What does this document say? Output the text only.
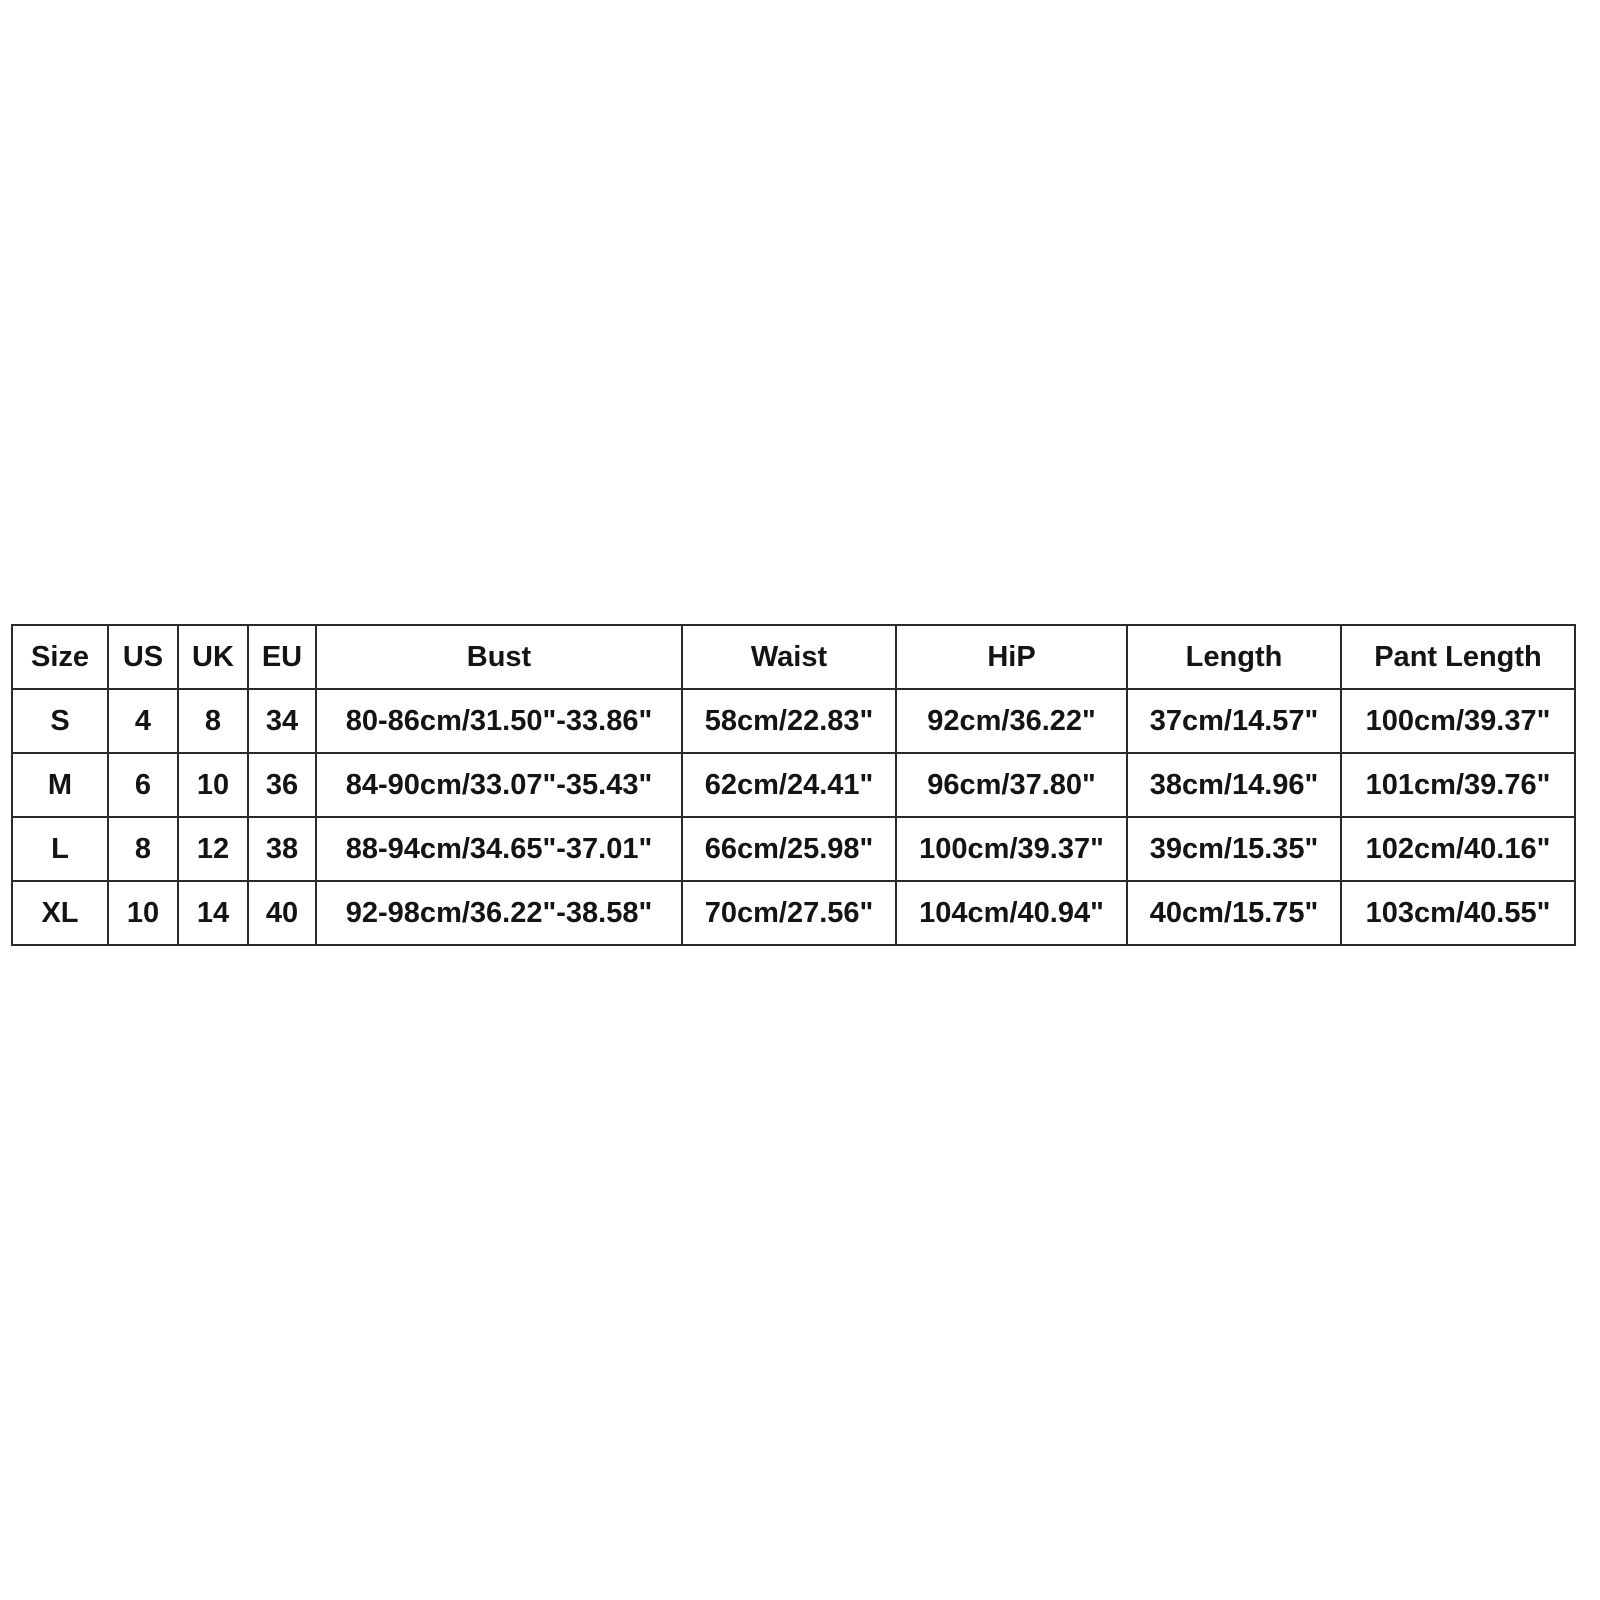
Size	US	UK	EU	Bust	Waist	HiP	Length	Pant Length
S	4	8	34	80-86cm/31.50"-33.86"	58cm/22.83"	92cm/36.22"	37cm/14.57"	100cm/39.37"
M	6	10	36	84-90cm/33.07"-35.43"	62cm/24.41"	96cm/37.80"	38cm/14.96"	101cm/39.76"
L	8	12	38	88-94cm/34.65"-37.01"	66cm/25.98"	100cm/39.37"	39cm/15.35"	102cm/40.16"
XL	10	14	40	92-98cm/36.22"-38.58"	70cm/27.56"	104cm/40.94"	40cm/15.75"	103cm/40.55"
